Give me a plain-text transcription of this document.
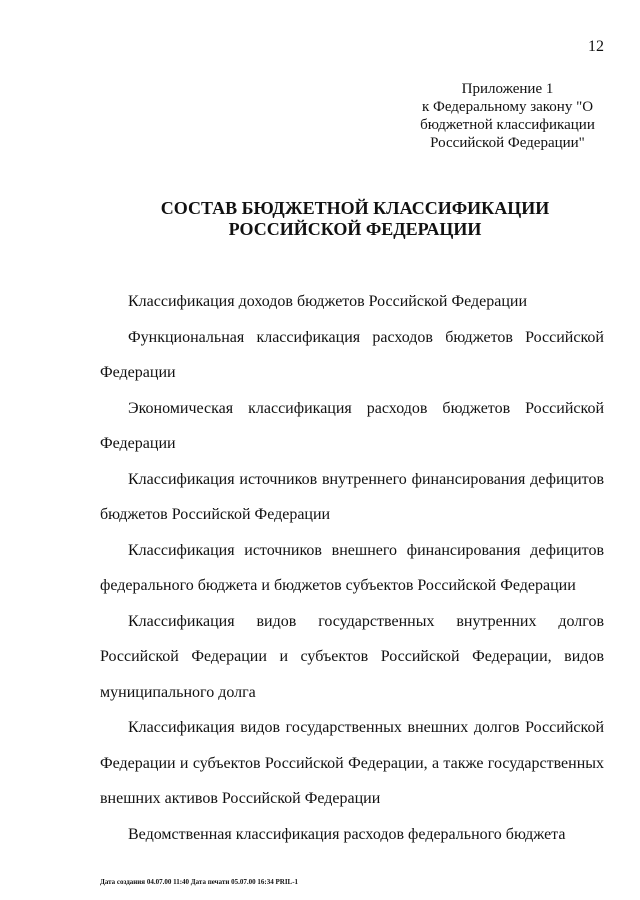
12
Приложение 1
к Федеральному закону "О
бюджетной классификации
Российской Федерации"
СОСТАВ БЮДЖЕТНОЙ КЛАССИФИКАЦИИ
РОССИЙСКОЙ ФЕДЕРАЦИИ

Классификация доходов бюджетов Российской Федерации

Функциональная классификация расходов бюджетов Российской Федерации

Экономическая классификация расходов бюджетов Российской Федерации

Классификация источников внутреннего финансирования дефицитов бюджетов Российской Федерации

Классификация источников внешнего финансирования дефицитов федерального бюджета и бюджетов субъектов Российской Федерации

Классификация видов государственных внутренних долгов Российской Федерации и субъектов Российской Федерации, видов муниципального долга

Классификация видов государственных внешних долгов Российской Федерации и субъектов Российской Федерации, а также государственных внешних активов Российской Федерации

Ведомственная классификация расходов федерального бюджета

Дата создания 04.07.00 11:40 Дата печати 05.07.00 16:34 PRIL-1
